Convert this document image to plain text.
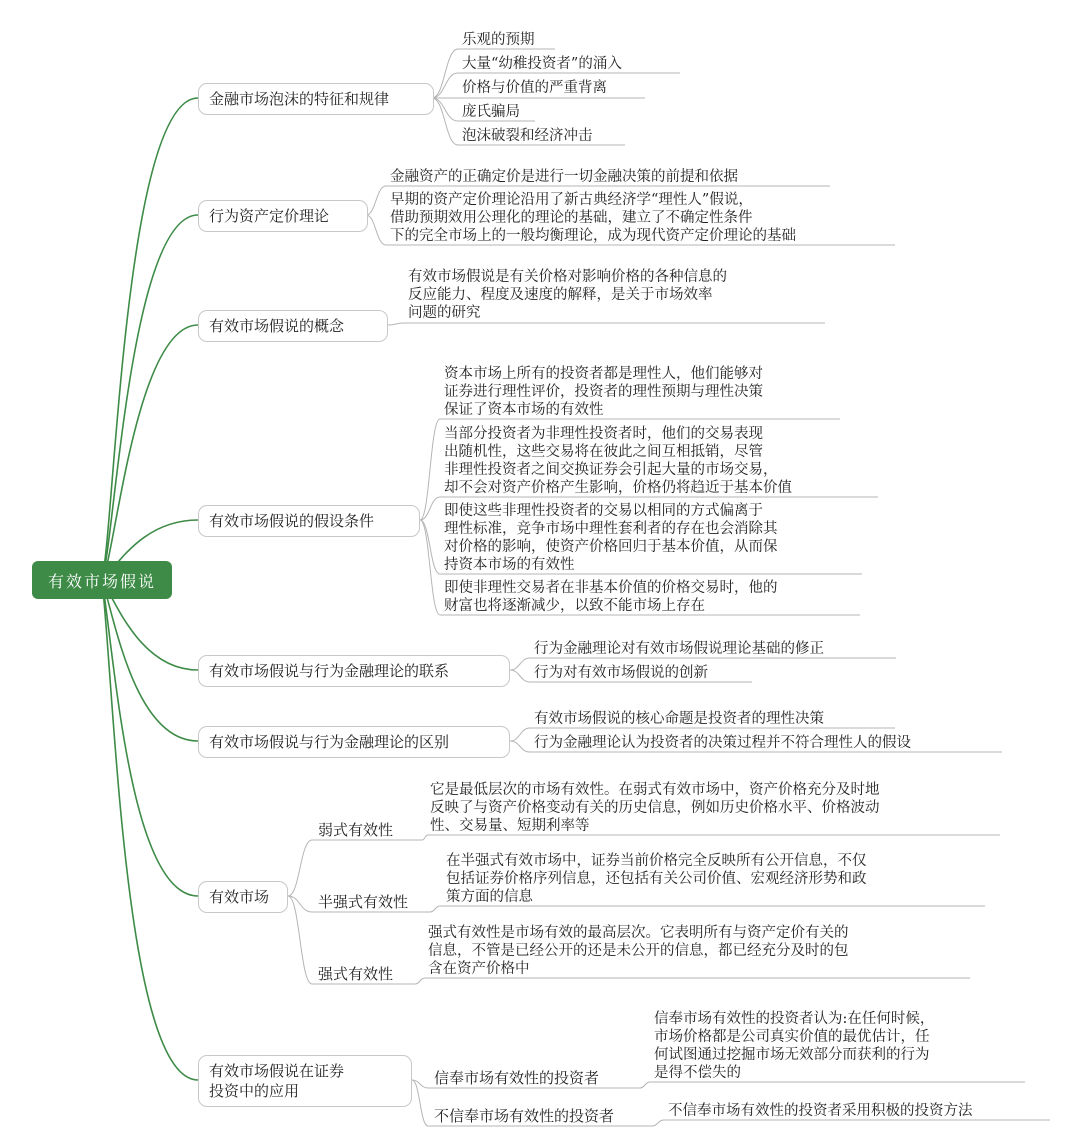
有效市场假说
金融市场泡沫的特征和规律
乐观的预期
大量“幼稚投资者”的涌入
价格与价值的严重背离
庞氏骗局
泡沫破裂和经济冲击
行为资产定价理论
金融资产的正确定价是进行一切金融决策的前提和依据
早期的资产定价理论沿用了新古典经济学“理性人”假说，
借助预期效用公理化的理论的基础，建立了不确定性条件
下的完全市场上的一般均衡理论，成为现代资产定价理论的基础
有效市场假说的概念
有效市场假说是有关价格对影响价格的各种信息的
反应能力、程度及速度的解释，是关于市场效率
问题的研究
有效市场假说的假设条件
资本市场上所有的投资者都是理性人，他们能够对
证券进行理性评价，投资者的理性预期与理性决策
保证了资本市场的有效性
当部分投资者为非理性投资者时，他们的交易表现
出随机性，这些交易将在彼此之间互相抵销，尽管
非理性投资者之间交换证券会引起大量的市场交易，
却不会对资产价格产生影响，价格仍将趋近于基本价值
即使这些非理性投资者的交易以相同的方式偏离于
理性标准，竞争市场中理性套利者的存在也会消除其
对价格的影响，使资产价格回归于基本价值，从而保
持资本市场的有效性
即使非理性交易者在非基本价值的价格交易时，他的
财富也将逐渐减少，以致不能市场上存在
有效市场假说与行为金融理论的联系
行为金融理论对有效市场假说理论基础的修正
行为对有效市场假说的创新
有效市场假说与行为金融理论的区别
有效市场假说的核心命题是投资者的理性决策
行为金融理论认为投资者的决策过程并不符合理性人的假设
有效市场
弱式有效性
半强式有效性
强式有效性
它是最低层次的市场有效性。在弱式有效市场中，资产价格充分及时地
反映了与资产价格变动有关的历史信息，例如历史价格水平、价格波动
性、交易量、短期利率等
在半强式有效市场中，证券当前价格完全反映所有公开信息，不仅
包括证券价格序列信息，还包括有关公司价值、宏观经济形势和政
策方面的信息
强式有效性是市场有效的最高层次。它表明所有与资产定价有关的
信息，不管是已经公开的还是未公开的信息，都已经充分及时的包
含在资产价格中
有效市场假说在证券
投资中的应用
信奉市场有效性的投资者
不信奉市场有效性的投资者
信奉市场有效性的投资者认为:在任何时候，
市场价格都是公司真实价值的最优估计，任
何试图通过挖掘市场无效部分而获利的行为
是得不偿失的
不信奉市场有效性的投资者采用积极的投资方法
